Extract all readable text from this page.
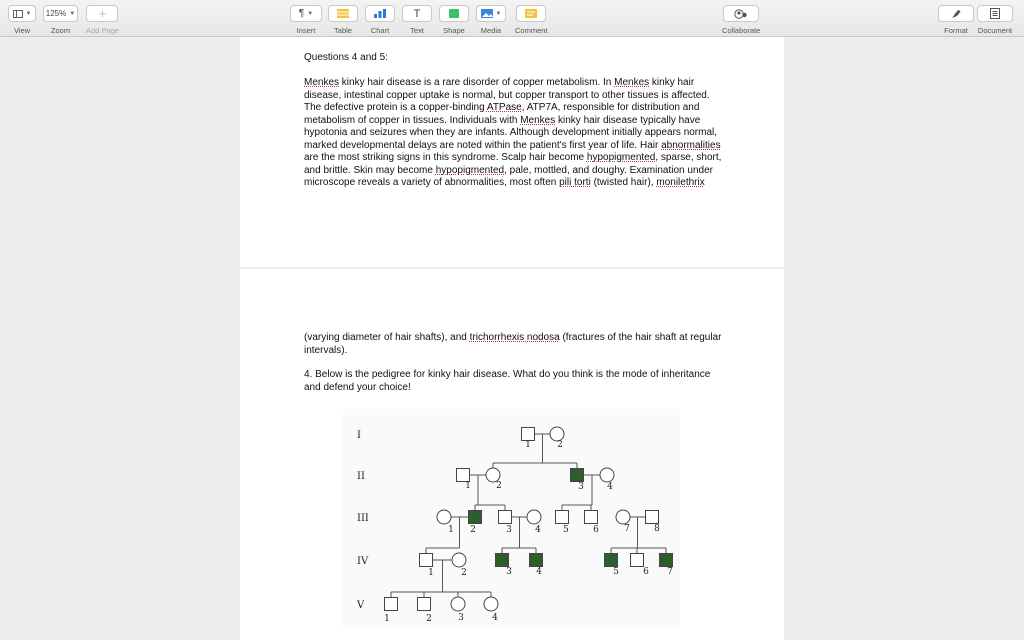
▼
View
125% ▼
Zoom
+
Add Page
¶ ▼
Insert Table	Chart
T
Text	Shape
▼
Media Comment	Collaborate	Format Document

Questions 4 and 5:

Menkes kinky hair disease is a rare disorder of copper metabolism. In Menkes kinky hair disease, intestinal copper uptake is normal, but copper transport to other tissues is affected. The defective protein is a copper-binding ATPase, ATP7A, responsible for distribution and metabolism of copper in tissues. Individuals with Menkes kinky hair disease typically have hypotonia and seizures when they are infants. Although development initially appears normal, marked developmental delays are noted within the patient's first year of life. Hair abnormalities are the most striking signs in this syndrome. Scalp hair become hypopigmented, sparse, short, and brittle. Skin may become hypopigmented, pale, mottled, and doughy. Examination under microscope reveals a variety of abnormalities, most often pili torti (twisted hair), monilethrix

(varying diameter of hair shafts), and trichorrhexis nodosa (fractures of the hair shaft at regular intervals).

4. Below is the pedigree for kinky hair disease. What do you think is the mode of inheritance and defend your choice!

I
II
III
IV
V
1	2
1	2	3	4
1 2	3	4 5	6	7	8
1	2	3	4	5	6 7
1	2	3	4
